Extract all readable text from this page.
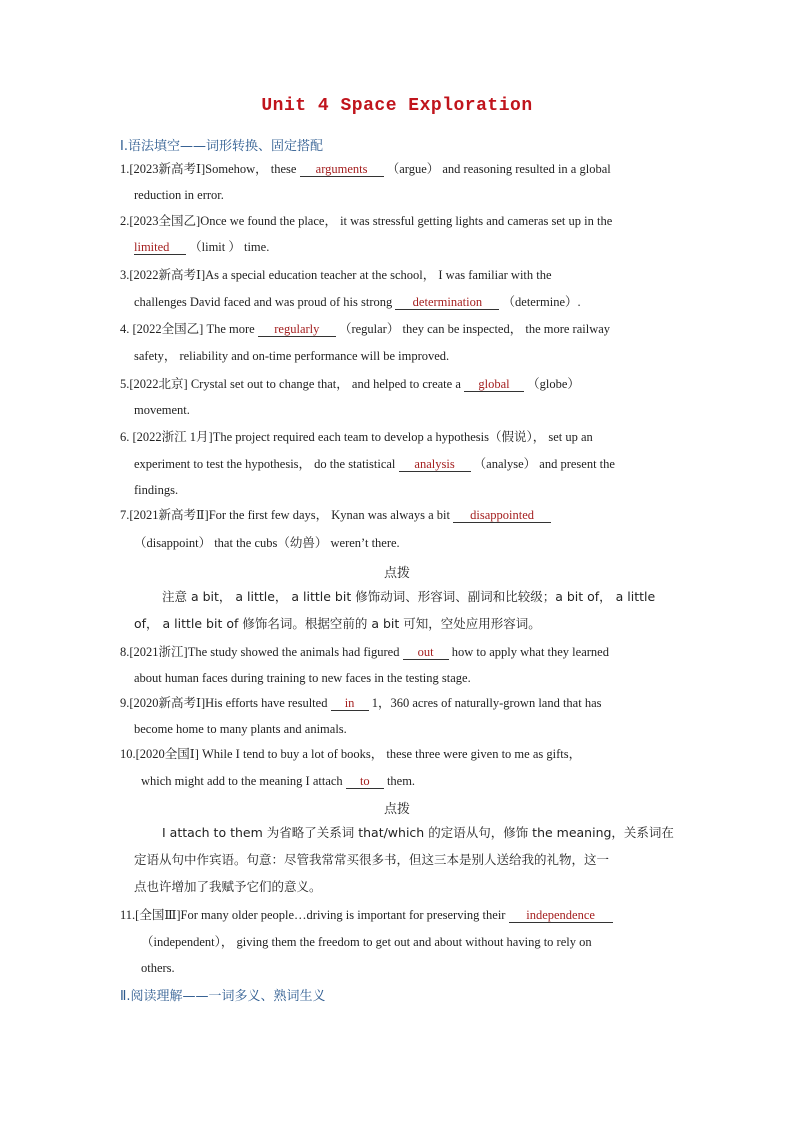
Unit 4 Space Exploration
Ⅰ.语法填空——词形转换、固定搭配
1.[2023新高考Ⅰ]Somehow， these arguments （argue） and reasoning resulted in a global
reduction in error.
2.[2023全国乙]Once we found the place， it was stressful getting lights and cameras set up in the
limited （limit ） time.
3.[2022新高考Ⅰ]As a special education teacher at the school， I was familiar with the
challenges David faced and was proud of his strong determination （determine）.
4. [2022全国乙] The more regularly （regular） they can be inspected， the more railway
safety， reliability and on-time performance will be improved.
5.[2022北京] Crystal set out to change that， and helped to create a global （globe）
movement.
6. [2022浙江 1月]The project required each team to develop a hypothesis（假说）， set up an
experiment to test the hypothesis， do the statistical analysis （analyse） and present the
findings.
7.[2021新高考Ⅱ]For the first few days， Kynan was always a bit disappointed
（disappoint） that the cubs（幼兽） weren’t there.
点拨
注意 a bit， a little， a little bit 修饰动词、形容词、副词和比较级；a bit of， a little
of， a little bit of 修饰名词。根据空前的 a bit 可知，空处应用形容词。
8.[2021浙江]The study showed the animals had figured out how to apply what they learned
about human faces during training to new faces in the testing stage.
9.[2020新高考Ⅰ]His efforts have resulted in 1，360 acres of naturally-grown land that has
become home to many plants and animals.
10.[2020全国Ⅰ] While I tend to buy a lot of books， these three were given to me as gifts，
which might add to the meaning I attach to them.
点拨
I attach to them 为省略了关系词 that/which 的定语从句，修饰 the meaning，关系词在
定语从句中作宾语。句意：尽管我常常买很多书，但这三本是别人送给我的礼物，这一
点也许增加了我赋予它们的意义。
11.[全国Ⅲ]For many older people…driving is important for preserving their independence
（independent）， giving them the freedom to get out and about without having to rely on
others.
Ⅱ.阅读理解——一词多义、熟词生义
